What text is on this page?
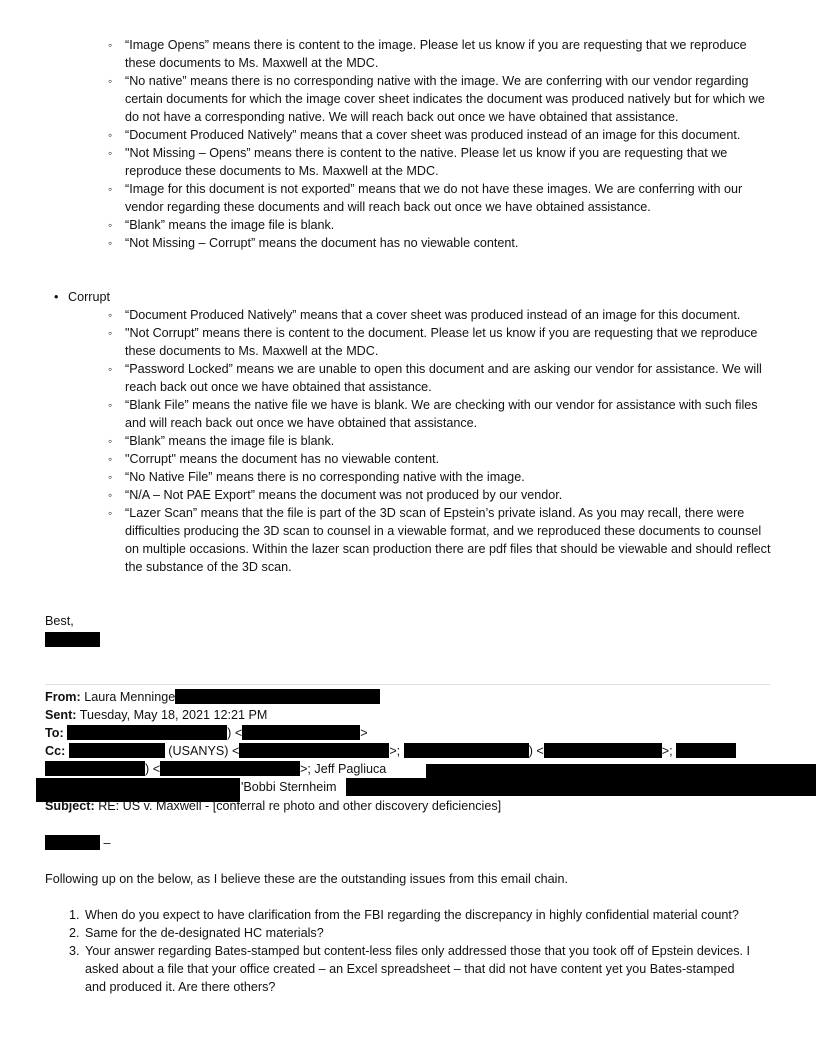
◦ “Image Opens” means there is content to the image. Please let us know if you are requesting that we reproduce these documents to Ms. Maxwell at the MDC.
◦ “No native” means there is no corresponding native with the image. We are conferring with our vendor regarding certain documents for which the image cover sheet indicates the document was produced natively but for which we do not have a corresponding native. We will reach back out once we have obtained that assistance.
◦ “Document Produced Natively” means that a cover sheet was produced instead of an image for this document.
◦ "Not Missing – Opens” means there is content to the native. Please let us know if you are requesting that we reproduce these documents to Ms. Maxwell at the MDC.
◦ “Image for this document is not exported” means that we do not have these images. We are conferring with our vendor regarding these documents and will reach back out once we have obtained assistance.
◦ “Blank” means the image file is blank.
◦ “Not Missing – Corrupt” means the document has no viewable content.
• Corrupt
◦ “Document Produced Natively” means that a cover sheet was produced instead of an image for this document.
◦ "Not Corrupt” means there is content to the document. Please let us know if you are requesting that we reproduce these documents to Ms. Maxwell at the MDC.
◦ “Password Locked” means we are unable to open this document and are asking our vendor for assistance. We will reach back out once we have obtained that assistance.
◦ “Blank File” means the native file we have is blank. We are checking with our vendor for assistance with such files and will reach back out once we have obtained that assistance.
◦ “Blank” means the image file is blank.
◦ "Corrupt" means the document has no viewable content.
◦ “No Native File” means there is no corresponding native with the image.
◦ “N/A – Not PAE Export” means the document was not produced by our vendor.
◦ “Lazer Scan” means that the file is part of the 3D scan of Epstein’s private island. As you may recall, there were difficulties producing the 3D scan to counsel in a viewable format, and we reproduced these documents to counsel on multiple occasions. Within the lazer scan production there are pdf files that should be viewable and should reflect the substance of the 3D scan.
Best,
From: Laura Menninge
Sent: Tuesday, May 18, 2021 12:21 PM
To:	) <	>
Cc:	(USANYS) <	>;	) <	>;
) <	>; Jeff Pagliuca
'Bobbi Sternheim
Subject: RE: US v. Maxwell - [conferral re photo and other discovery deficiencies]
–
Following up on the below, as I believe these are the outstanding issues from this email chain.
1. When do you expect to have clarification from the FBI regarding the discrepancy in highly confidential material count?
2. Same for the de-designated HC materials?
3. Your answer regarding Bates-stamped but content-less files only addressed those that you took off of Epstein devices. I asked about a file that your office created – an Excel spreadsheet – that did not have content yet you Bates-stamped and produced it. Are there others?
